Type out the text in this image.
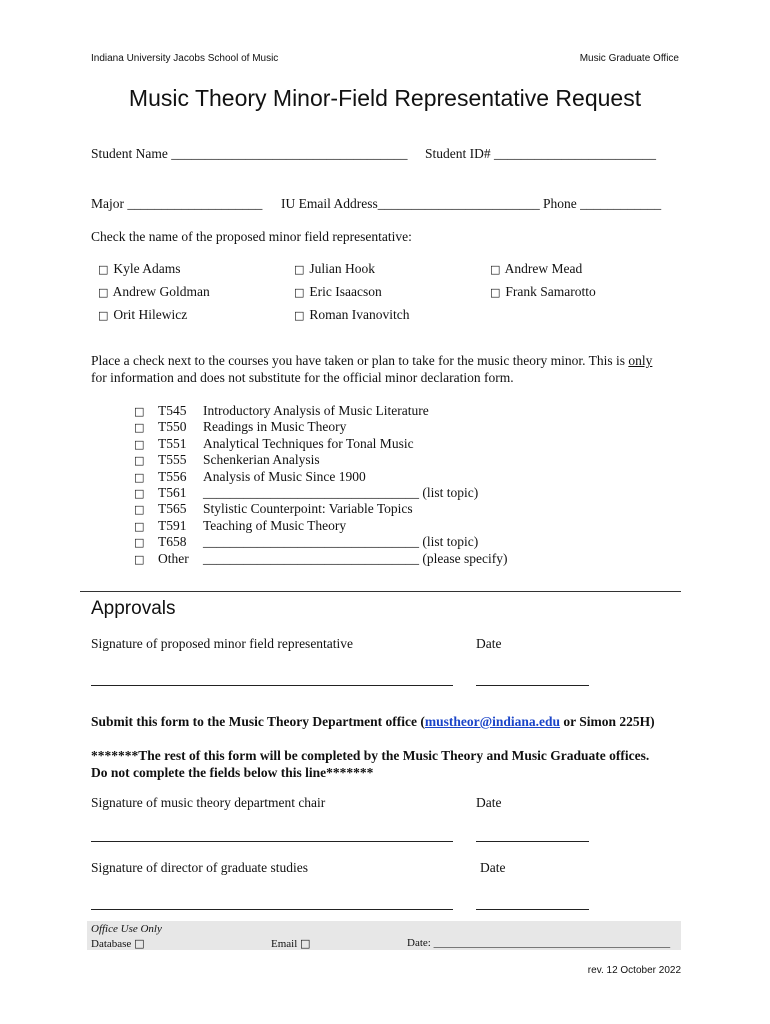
Indiana University Jacobs School of Music	Music Graduate Office
Music Theory Minor-Field Representative Request
Student Name ___________________________________ Student ID# ________________________
Major ____________________ IU Email Address________________________ Phone ____________
Check the name of the proposed minor field representative:
□ Kyle Adams	□ Julian Hook	□ Andrew Mead
□ Andrew Goldman	□ Eric Isaacson	□ Frank Samarotto
□ Orit Hilewicz	□ Roman Ivanovitch
Place a check next to the courses you have taken or plan to take for the music theory minor. This is only
for information and does not substitute for the official minor declaration form.
□ T545 Introductory Analysis of Music Literature
□ T550 Readings in Music Theory
□ T551 Analytical Techniques for Tonal Music
□ T555 Schenkerian Analysis
□ T556 Analysis of Music Since 1900
□ T561 ________________________________ (list topic)
□ T565 Stylistic Counterpoint: Variable Topics
□ T591 Teaching of Music Theory
□ T658 ________________________________ (list topic)
□ Other ________________________________ (please specify)
Approvals
Signature of proposed minor field representative	Date
Submit this form to the Music Theory Department office (mustheor@indiana.edu or Simon 225H)
*******The rest of this form will be completed by the Music Theory and Music Graduate offices.
Do not complete the fields below this line*******
Signature of music theory department chair	Date
Signature of director of graduate studies	Date
Office Use Only
Database □	Email □	Date: ___________________________________________
rev. 12 October 2022
